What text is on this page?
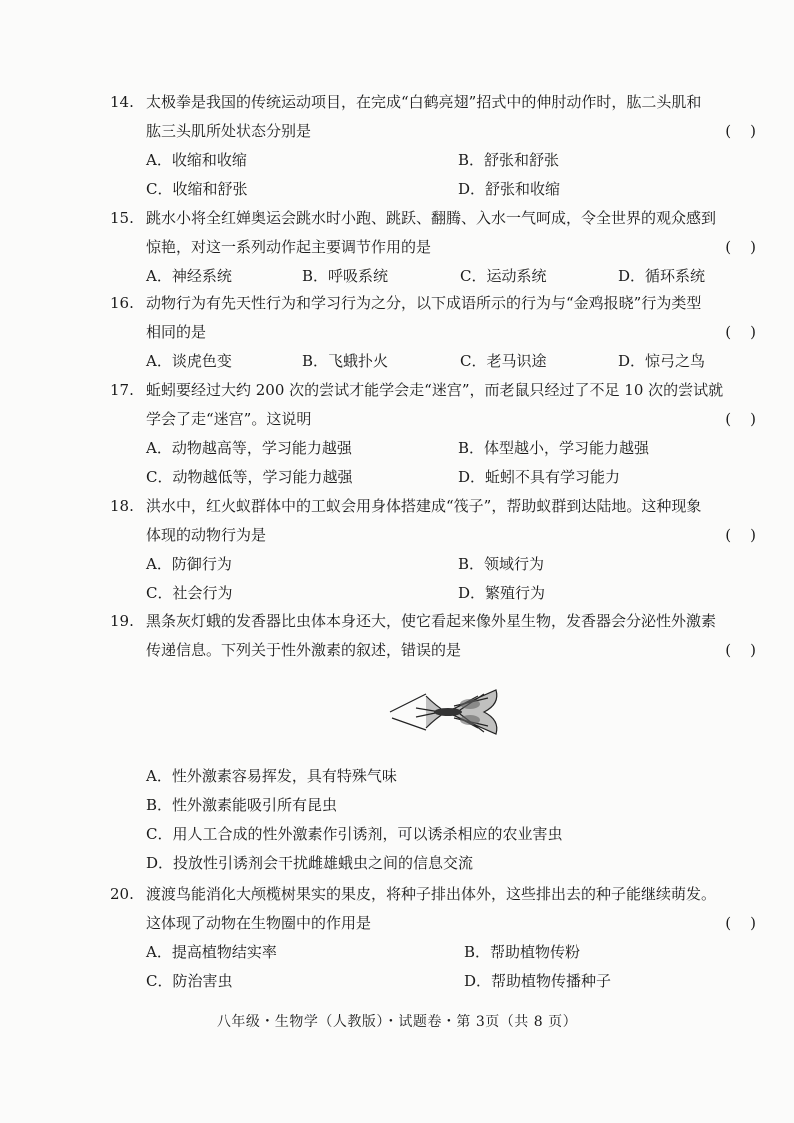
14. 太极拳是我国的传统运动项目，在完成“白鹤亮翅”招式中的伸肘动作时，肱二头肌和
肱三头肌所处状态分别是	(    )
A．收缩和收缩	B．舒张和舒张
C．收缩和舒张	D．舒张和收缩
15. 跳水小将全红婵奥运会跳水时小跑、跳跃、翻腾、入水一气呵成，令全世界的观众感到
惊艳，对这一系列动作起主要调节作用的是	(    )
A．神经系统	B．呼吸系统	C．运动系统	D．循环系统
16. 动物行为有先天性行为和学习行为之分，以下成语所示的行为与“金鸡报晓”行为类型
相同的是	(    )
A．谈虎色变	B．飞蛾扑火	C．老马识途	D．惊弓之鸟
17. 蚯蚓要经过大约 200 次的尝试才能学会走“迷宫”，而老鼠只经过了不足 10 次的尝试就
学会了走“迷宫”。这说明	(    )
A．动物越高等，学习能力越强	B．体型越小，学习能力越强
C．动物越低等，学习能力越强	D．蚯蚓不具有学习能力
18. 洪水中，红火蚁群体中的工蚁会用身体搭建成“筏子”，帮助蚁群到达陆地。这种现象
体现的动物行为是	(    )
A．防御行为	B．领域行为
C．社会行为	D．繁殖行为
19. 黑条灰灯蛾的发香器比虫体本身还大，使它看起来像外星生物，发香器会分泌性外激素
传递信息。下列关于性外激素的叙述，错误的是	(    )
A．性外激素容易挥发，具有特殊气味
B．性外激素能吸引所有昆虫
C．用人工合成的性外激素作引诱剂，可以诱杀相应的农业害虫
D．投放性引诱剂会干扰雌雄蛾虫之间的信息交流
20. 渡渡鸟能消化大颅榄树果实的果皮，将种子排出体外，这些排出去的种子能继续萌发。
这体现了动物在生物圈中的作用是	(    )
A．提高植物结实率	B．帮助植物传粉
C．防治害虫	D．帮助植物传播种子
八年级・生物学（人教版）・试题卷・第 3页（共 8 页）
